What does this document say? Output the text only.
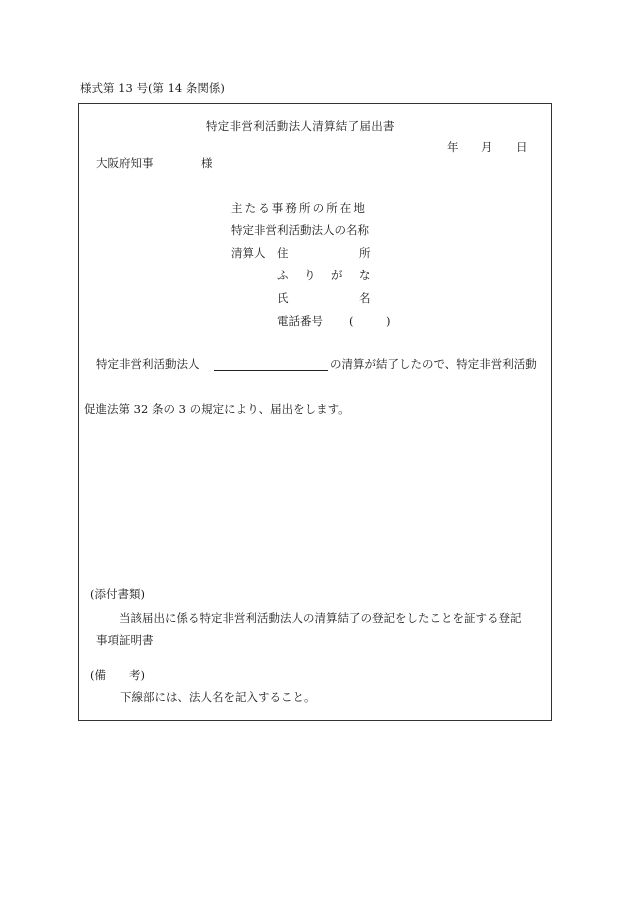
様式第 13 号(第 14 条関係)
特定非営利活動法人清算結了届出書
年 月 日
大阪府知事	様
主たる事務所の所在地
特定非営利活動法人の名称
清算人 住	所
ふ り が な
氏	名
電話番号 (	)
特定非営利活動法人	の清算が結了したので、特定非営利活動
促進法第 32 条の 3 の規定により、届出をします。
(添付書類)
当該届出に係る特定非営利活動法人の清算結了の登記をしたことを証する登記
事項証明書
(備　　考)
下線部には、法人名を記入すること。
